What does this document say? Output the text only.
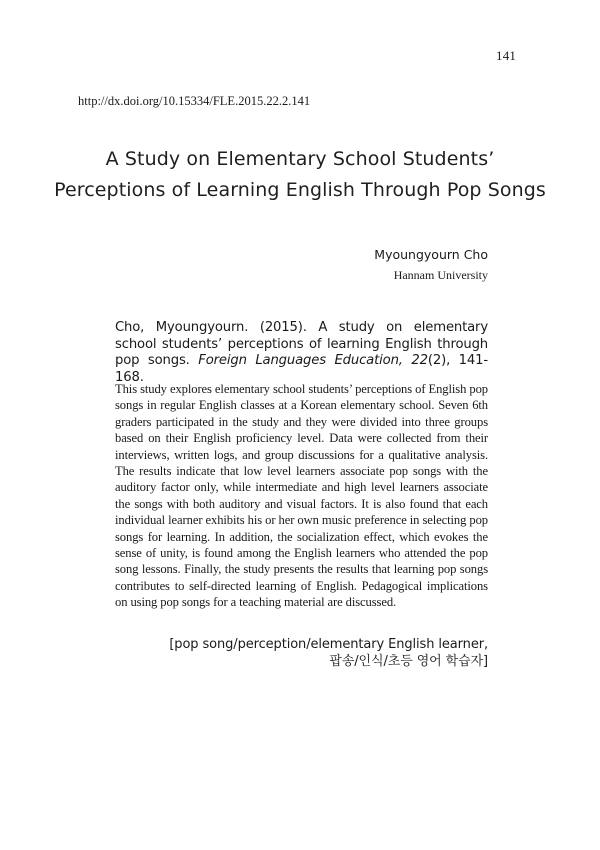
141
http://dx.doi.org/10.15334/FLE.2015.22.2.141
A Study on Elementary School Students’
Perceptions of Learning English Through Pop Songs
Myoungyourn Cho
Hannam University
Cho, Myoungyourn. (2015). A study on elementary school students’ perceptions of learning English through pop songs. Foreign Languages Education, 22(2), 141-168.

This study explores elementary school students’ perceptions of English pop songs in regular English classes at a Korean elementary school. Seven 6th graders participated in the study and they were divided into three groups based on their English proficiency level. Data were collected from their interviews, written logs, and group discussions for a qualitative analysis. The results indicate that low level learners associate pop songs with the auditory factor only, while intermediate and high level learners associate the songs with both auditory and visual factors. It is also found that each individual learner exhibits his or her own music preference in selecting pop songs for learning. In addition, the socialization effect, which evokes the sense of unity, is found among the English learners who attended the pop song lessons. Finally, the study presents the results that learning pop songs contributes to self-directed learning of English. Pedagogical implications on using pop songs for a teaching material are discussed.

[pop song/perception/elementary English learner,
팝송/인식/초등 영어 학습자]
